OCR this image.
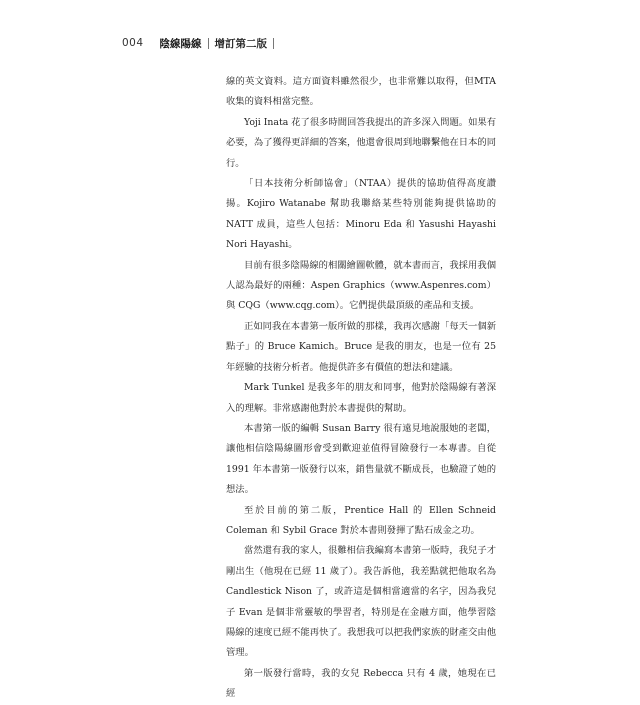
004 陰線陽線 增訂第二版

線的英文資料。這方面資料雖然很少，也非常難以取得，但MTA 收集的資料相當完整。

Yoji Inata 花了很多時間回答我提出的許多深入問題。如果有必要，為了獲得更詳細的答案，他還會很周到地聯繫他在日本的同行。

「日本技術分析師協會」（NTAA）提供的協助值得高度讚揚。Kojiro Watanabe 幫助我聯絡某些特別能夠提供協助的 NATT 成員，這些人包括：Minoru Eda 和 Yasushi Hayashi Nori Hayashi。

目前有很多陰陽線的相關繪圖軟體，就本書而言，我採用我個人認為最好的兩種：Aspen Graphics（www.Aspenres.com）與 CQG（www.cqg.com）。它們提供最頂級的產品和支援。

正如同我在本書第一版所做的那樣，我再次感謝「每天一個新點子」的 Bruce Kamich。Bruce 是我的朋友，也是一位有 25 年經驗的技術分析者。他提供許多有價值的想法和建議。

Mark Tunkel 是我多年的朋友和同事，他對於陰陽線有著深入的理解。非常感謝他對於本書提供的幫助。

本書第一版的編輯 Susan Barry 很有遠見地說服她的老闆，讓他相信陰陽線圖形會受到歡迎並值得冒險發行一本專書。自從 1991 年本書第一版發行以來，銷售量就不斷成長，也驗證了她的想法。

至於目前的第二版，Prentice Hall 的 Ellen Schneid Coleman 和 Sybil Grace 對於本書則發揮了點石成金之功。

當然還有我的家人，很難相信我編寫本書第一版時，我兒子才剛出生（他現在已經 11 歲了）。我告訴他，我差點就把他取名為 Candlestick Nison 了，或許這是個相當適當的名字，因為我兒子 Evan 是個非常靈敏的學習者，特別是在金融方面，他學習陰陽線的速度已經不能再快了。我想我可以把我們家族的財產交由他管理。

第一版發行當時，我的女兒 Rebecca 只有 4 歲，她現在已經
